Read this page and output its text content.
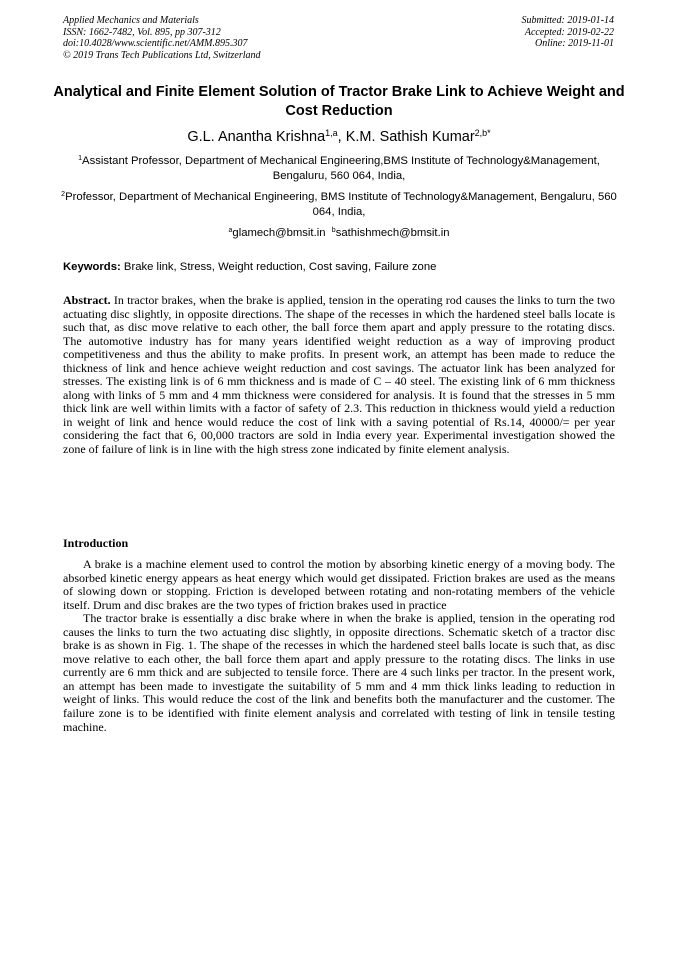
Applied Mechanics and Materials
ISSN: 1662-7482, Vol. 895, pp 307-312
doi:10.4028/www.scientific.net/AMM.895.307
© 2019 Trans Tech Publications Ltd, Switzerland
Submitted: 2019-01-14
Accepted: 2019-02-22
Online: 2019-11-01
Analytical and Finite Element Solution of Tractor Brake Link to Achieve Weight and Cost Reduction
G.L. Anantha Krishna$^{1,a}$, K.M. Sathish Kumar$^{2,b*}$
$^1$Assistant Professor, Department of Mechanical Engineering,BMS Institute of Technology&Management, Bengaluru, 560 064, India,
$^2$Professor, Department of Mechanical Engineering, BMS Institute of Technology&Management, Bengaluru, 560 064, India,
$^a$glamech@bmsit.in $^b$sathishmech@bmsit.in
Keywords: Brake link, Stress, Weight reduction, Cost saving, Failure zone
Abstract. In tractor brakes, when the brake is applied, tension in the operating rod causes the links to turn the two actuating disc slightly, in opposite directions. The shape of the recesses in which the hardened steel balls locate is such that, as disc move relative to each other, the ball force them apart and apply pressure to the rotating discs. The automotive industry has for many years identified weight reduction as a way of improving product competitiveness and thus the ability to make profits. In present work, an attempt has been made to reduce the thickness of link and hence achieve weight reduction and cost savings. The actuator link has been analyzed for stresses. The existing link is of 6 mm thickness and is made of C – 40 steel. The existing link of 6 mm thickness along with links of 5 mm and 4 mm thickness were considered for analysis. It is found that the stresses in 5 mm thick link are well within limits with a factor of safety of 2.3. This reduction in thickness would yield a reduction in weight of link and hence would reduce the cost of link with a saving potential of Rs.14, 40000/= per year considering the fact that 6, 00,000 tractors are sold in India every year. Experimental investigation showed the zone of failure of link is in line with the high stress zone indicated by finite element analysis.
Introduction

A brake is a machine element used to control the motion by absorbing kinetic energy of a moving body. The absorbed kinetic energy appears as heat energy which would get dissipated. Friction brakes are used as the means of slowing down or stopping. Friction is developed between rotating and non-rotating members of the vehicle itself. Drum and disc brakes are the two types of friction brakes used in practice

The tractor brake is essentially a disc brake where in when the brake is applied, tension in the operating rod causes the links to turn the two actuating disc slightly, in opposite directions. Schematic sketch of a tractor disc brake is as shown in Fig. 1. The shape of the recesses in which the hardened steel balls locate is such that, as disc move relative to each other, the ball force them apart and apply pressure to the rotating discs. The links in use currently are 6 mm thick and are subjected to tensile force. There are 4 such links per tractor. In the present work, an attempt has been made to investigate the suitability of 5 mm and 4 mm thick links leading to reduction in weight of links. This would reduce the cost of the link and benefits both the manufacturer and the customer. The failure zone is to be identified with finite element analysis and correlated with testing of link in tensile testing machine.
